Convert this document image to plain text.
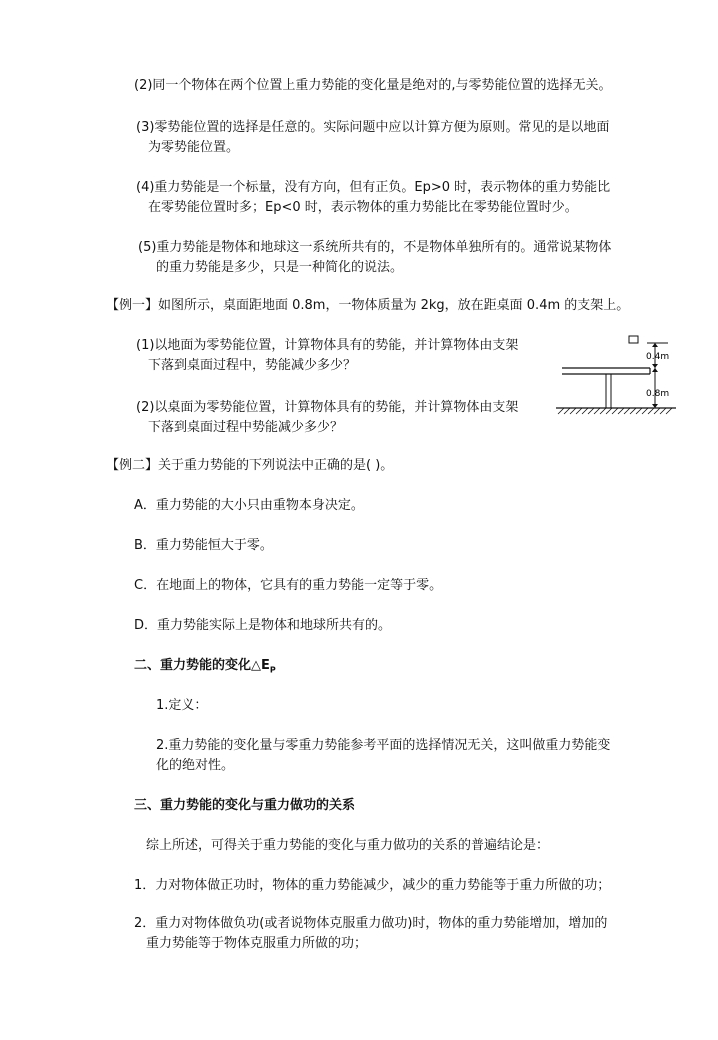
(2)同一个物体在两个位置上重力势能的变化量是绝对的,与零势能位置的选择无关。
(3)零势能位置的选择是任意的。实际问题中应以计算方便为原则。常见的是以地面
为零势能位置。
(4)重力势能是一个标量，没有方向，但有正负。Ep>0 时，表示物体的重力势能比
在零势能位置时多；Ep<0 时，表示物体的重力势能比在零势能位置时少。
(5)重力势能是物体和地球这一系统所共有的，不是物体单独所有的。通常说某物体
的重力势能是多少，只是一种简化的说法。
【例一】如图所示，桌面距地面 0.8m，一物体质量为 2kg，放在距桌面 0.4m 的支架上。
(1)以地面为零势能位置，计算物体具有的势能，并计算物体由支架
下落到桌面过程中，势能减少多少？
(2)以桌面为零势能位置，计算物体具有的势能，并计算物体由支架
下落到桌面过程中势能减少多少？
0.4m
0.8m
【例二】关于重力势能的下列说法中正确的是( )。
A．重力势能的大小只由重物本身决定。
B．重力势能恒大于零。
C．在地面上的物体，它具有的重力势能一定等于零。
D．重力势能实际上是物体和地球所共有的。
二、重力势能的变化$\triangle E_P$
1.定义：
2.重力势能的变化量与零重力势能参考平面的选择情况无关，这叫做重力势能变
化的绝对性。
三、重力势能的变化与重力做功的关系
综上所述，可得关于重力势能的变化与重力做功的关系的普遍结论是：
1．力对物体做正功时，物体的重力势能减少，减少的重力势能等于重力所做的功；
2．重力对物体做负功(或者说物体克服重力做功)时，物体的重力势能增加，增加的
重力势能等于物体克服重力所做的功；
